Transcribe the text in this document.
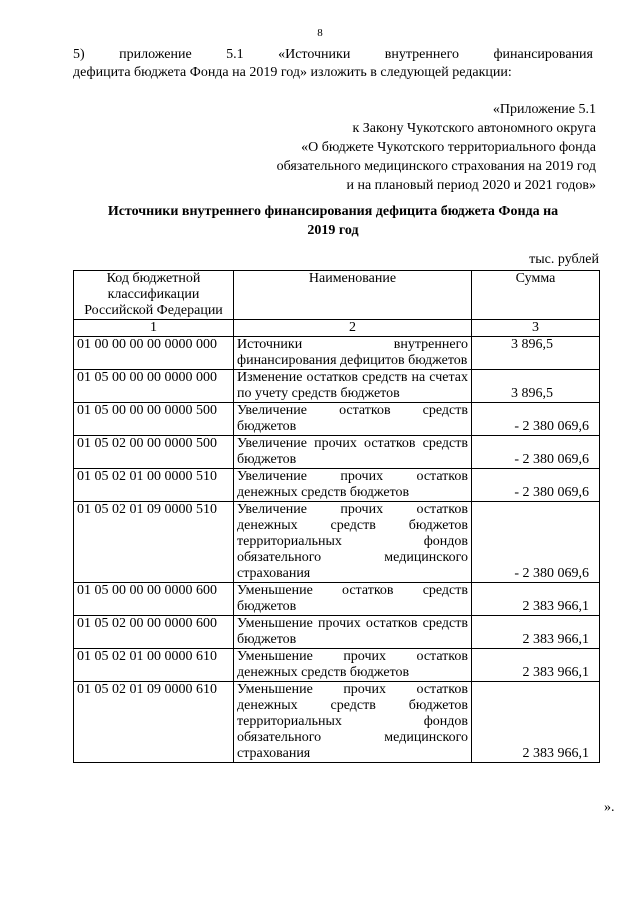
8
5) приложение 5.1 «Источники внутреннего финансирования
дефицита бюджета Фонда на 2019 год» изложить в следующей редакции:
«Приложение 5.1
к Закону Чукотского автономного округа
«О бюджете Чукотского территориального фонда
обязательного медицинского страхования на 2019 год
и на плановый период 2020 и 2021 годов»
Источники внутреннего финансирования дефицита бюджета Фонда на
2019 год
тыс. рублей
Код бюджетной классификации Российской Федерации	Наименование	Сумма
1	2	3
01 00 00 00 00 0000 000	Источники внутреннего финансирования дефицитов бюджетов	3 896,5
01 05 00 00 00 0000 000	Изменение остатков средств на счетах по учету средств бюджетов	3 896,5
01 05 00 00 00 0000 500	Увеличение остатков средств бюджетов	- 2 380 069,6
01 05 02 00 00 0000 500	Увеличение прочих остатков средств бюджетов	- 2 380 069,6
01 05 02 01 00 0000 510	Увеличение прочих остатков денежных средств бюджетов	- 2 380 069,6
01 05 02 01 09 0000 510	Увеличение прочих остатков денежных средств бюджетов территориальных фондов обязательного медицинского страхования	- 2 380 069,6
01 05 00 00 00 0000 600	Уменьшение остатков средств бюджетов	2 383 966,1
01 05 02 00 00 0000 600	Уменьшение прочих остатков средств бюджетов	2 383 966,1
01 05 02 01 00 0000 610	Уменьшение прочих остатков денежных средств бюджетов	2 383 966,1
01 05 02 01 09 0000 610	Уменьшение прочих остатков денежных средств бюджетов территориальных фондов обязательного медицинского страхования	2 383 966,1
».
